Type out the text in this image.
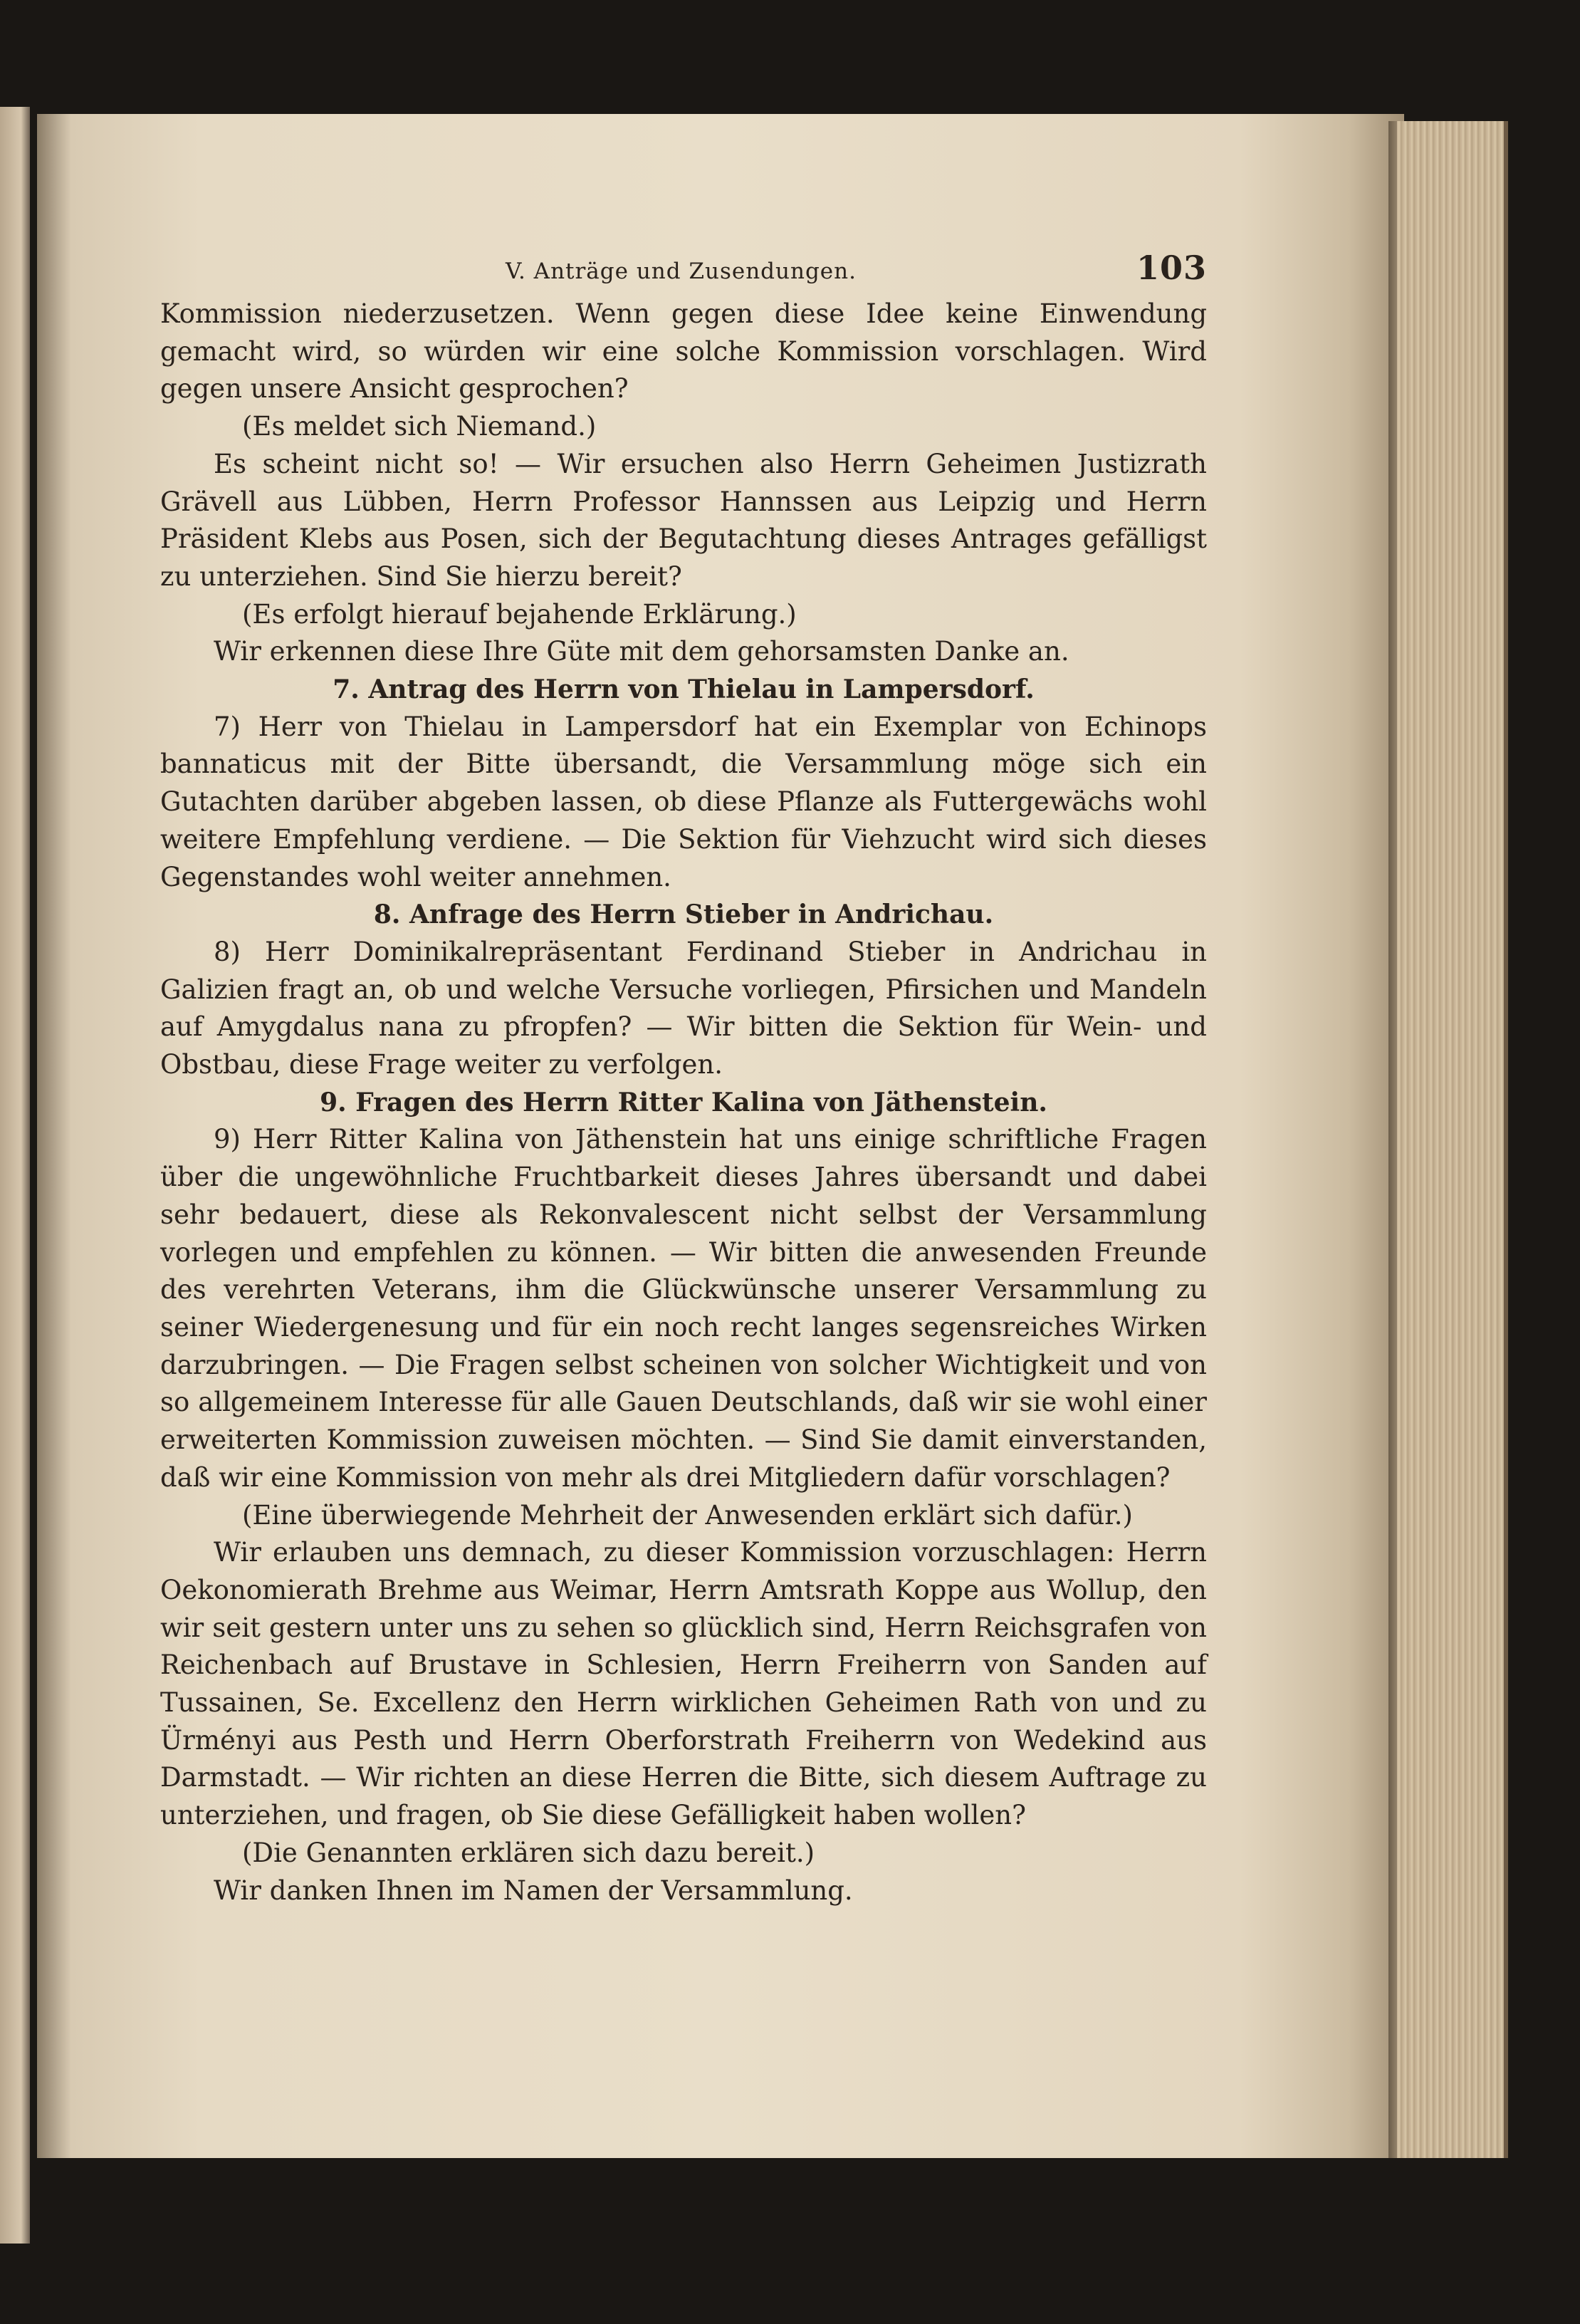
V. Anträge und Zusendungen.	103

Kommission niederzusetzen. Wenn gegen diese Idee keine Einwendung gemacht wird, so würden wir eine solche Kommission vorschlagen. Wird gegen unsere Ansicht gesprochen?

(Es meldet sich Niemand.)

Es scheint nicht so! — Wir ersuchen also Herrn Geheimen Justizrath Grävell aus Lübben, Herrn Professor Hannssen aus Leipzig und Herrn Präsident Klebs aus Posen, sich der Begutachtung dieses Antrages gefälligst zu unterziehen. Sind Sie hierzu bereit?

(Es erfolgt hierauf bejahende Erklärung.)

Wir erkennen diese Ihre Güte mit dem gehorsamsten Danke an.

7. Antrag des Herrn von Thielau in Lampersdorf.

7) Herr von Thielau in Lampersdorf hat ein Exemplar von Echinops bannaticus mit der Bitte übersandt, die Versammlung möge sich ein Gutachten darüber abgeben lassen, ob diese Pflanze als Futtergewächs wohl weitere Empfehlung verdiene. — Die Sektion für Viehzucht wird sich dieses Gegenstandes wohl weiter annehmen.

8. Anfrage des Herrn Stieber in Andrichau.

8) Herr Dominikalrepräsentant Ferdinand Stieber in Andrichau in Galizien fragt an, ob und welche Versuche vorliegen, Pfirsichen und Mandeln auf Amygdalus nana zu pfropfen? — Wir bitten die Sektion für Wein- und Obstbau, diese Frage weiter zu verfolgen.

9. Fragen des Herrn Ritter Kalina von Jäthenstein.

9) Herr Ritter Kalina von Jäthenstein hat uns einige schriftliche Fragen über die ungewöhnliche Fruchtbarkeit dieses Jahres übersandt und dabei sehr bedauert, diese als Rekonvalescent nicht selbst der Versammlung vorlegen und empfehlen zu können. — Wir bitten die anwesenden Freunde des verehrten Veterans, ihm die Glückwünsche unserer Versammlung zu seiner Wiedergenesung und für ein noch recht langes segensreiches Wirken darzubringen. — Die Fragen selbst scheinen von solcher Wichtigkeit und von so allgemeinem Interesse für alle Gauen Deutschlands, daß wir sie wohl einer erweiterten Kommission zuweisen möchten. — Sind Sie damit einverstanden, daß wir eine Kommission von mehr als drei Mitgliedern dafür vorschlagen?

(Eine überwiegende Mehrheit der Anwesenden erklärt sich dafür.)

Wir erlauben uns demnach, zu dieser Kommission vorzuschlagen: Herrn Oekonomierath Brehme aus Weimar, Herrn Amtsrath Koppe aus Wollup, den wir seit gestern unter uns zu sehen so glücklich sind, Herrn Reichsgrafen von Reichenbach auf Brustave in Schlesien, Herrn Freiherrn von Sanden auf Tussainen, Se. Excellenz den Herrn wirklichen Geheimen Rath von und zu Ürményi aus Pesth und Herrn Oberforstrath Freiherrn von Wedekind aus Darmstadt. — Wir richten an diese Herren die Bitte, sich diesem Auftrage zu unterziehen, und fragen, ob Sie diese Gefälligkeit haben wollen?

(Die Genannten erklären sich dazu bereit.)

Wir danken Ihnen im Namen der Versammlung.
